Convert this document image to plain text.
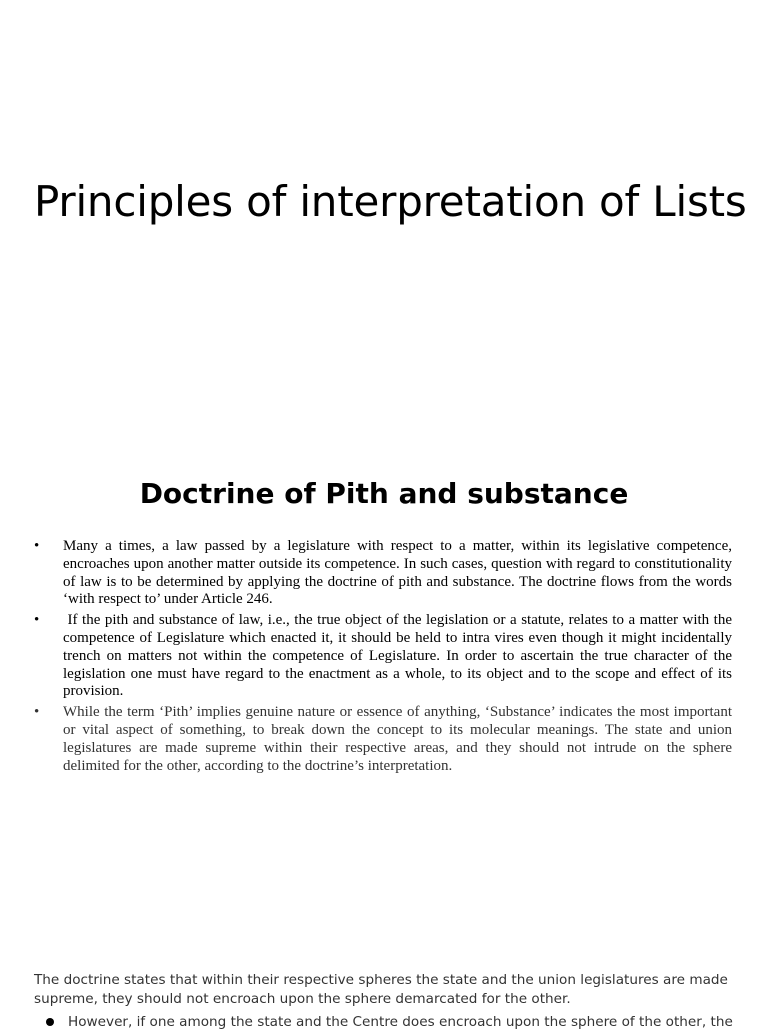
Principles of interpretation of Lists
Doctrine of Pith and substance
• Many a times, a law passed by a legislature with respect to a matter, within its legislative competence, encroaches upon another matter outside its competence. In such cases, question with regard to constitutionality of law is to be determined by applying the doctrine of pith and substance. The doctrine flows from the words ‘with respect to’ under Article 246.
• If the pith and substance of law, i.e., the true object of the legislation or a statute, relates to a matter with the competence of Legislature which enacted it, it should be held to intra vires even though it might incidentally trench on matters not within the competence of Legislature. In order to ascertain the true character of the legislation one must have regard to the enactment as a whole, to its object and to the scope and effect of its provision.
• While the term ‘Pith’ implies genuine nature or essence of anything, ‘Substance’ indicates the most important or vital aspect of something, to break down the concept to its molecular meanings. The state and union legislatures are made supreme within their respective areas, and they should not intrude on the sphere delimited for the other, according to the doctrine’s interpretation.

The doctrine states that within their respective spheres the state and the union legislatures are made supreme, they should not encroach upon the sphere demarcated for the other.

However, if one among the state and the Centre does encroach upon the sphere of the other, the
